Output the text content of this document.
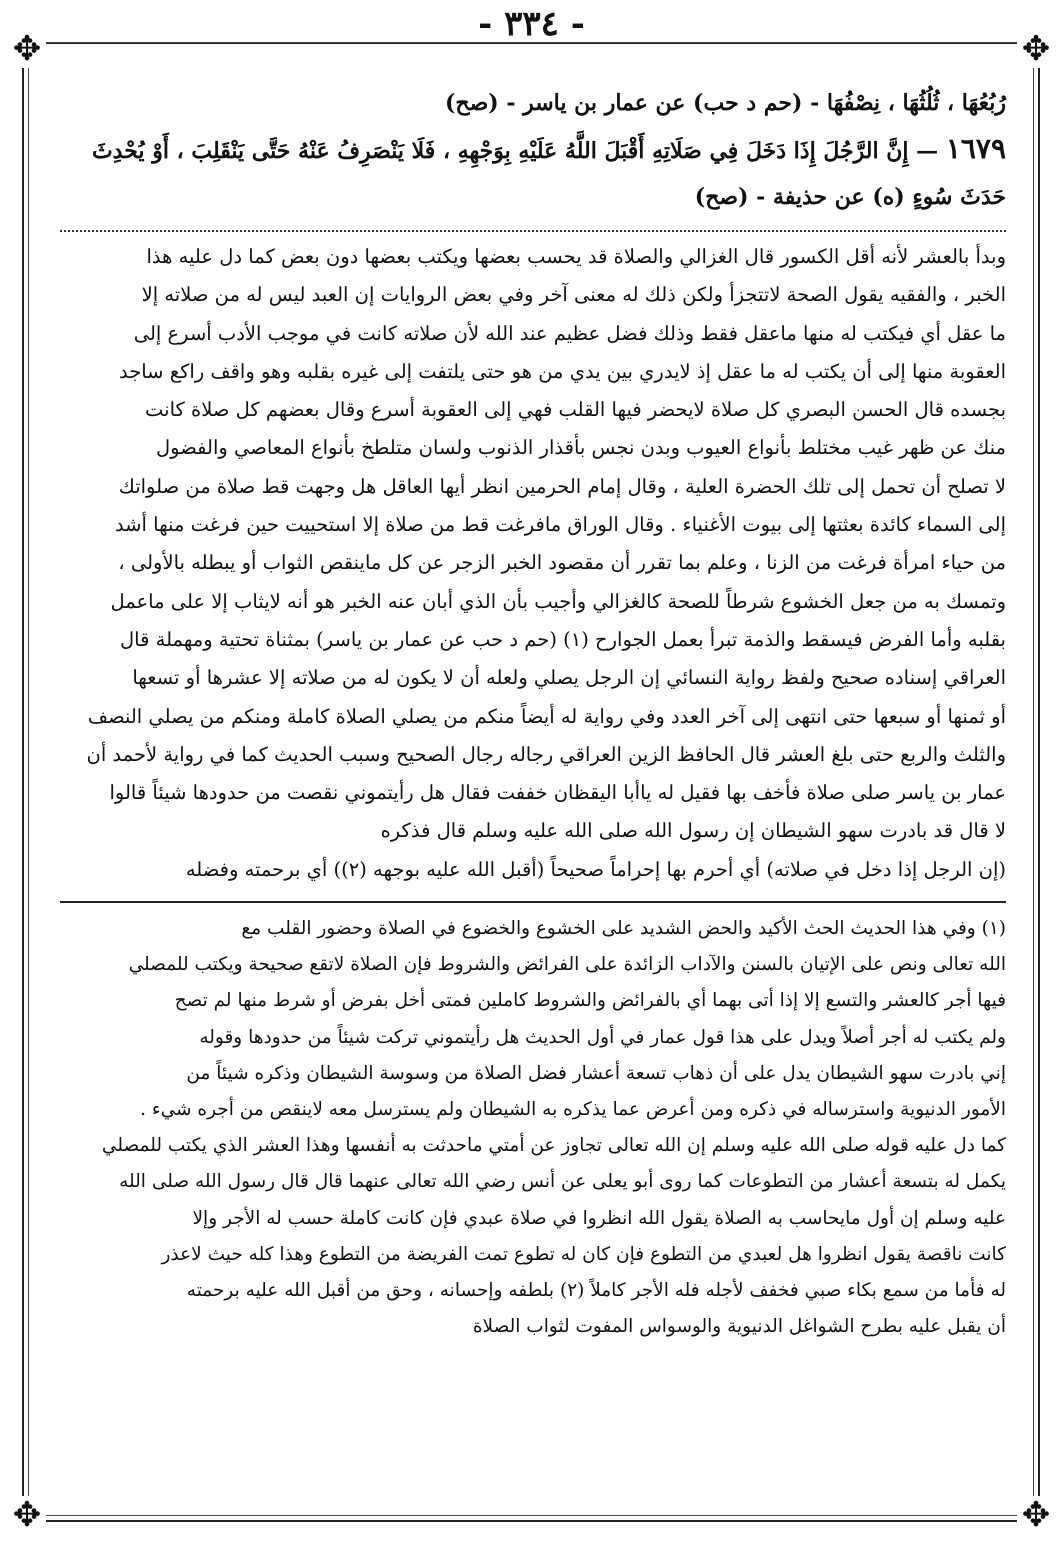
✥	✥
✥	✥
- ٣٣٤ -

رُبُعُهَا ، ثُلُثُهَا ، نِصْفُهَا - (حم د حب) عن عمار بن ياسر - (صح)

١٦٧٩ — إِنَّ الرَّجُلَ إِذَا دَخَلَ فِي صَلَاتِهِ أَقْبَلَ اللَّهُ عَلَيْهِ بِوَجْهِهِ ، فَلَا يَنْصَرِفُ عَنْهُ حَتَّى يَنْقَلِبَ ، أَوْ يُحْدِثَ

حَدَثَ سُوءٍ (ه) عن حذيفة - (صح)

وبدأ بالعشر لأنه أقل الكسور قال الغزالي والصلاة قد يحسب بعضها ويكتب بعضها دون بعض كما دل عليه هذا
الخبر ، والفقيه يقول الصحة لاتتجزأ ولكن ذلك له معنى آخر وفي بعض الروايات إن العبد ليس له من صلاته إلا
ما عقل أي فيكتب له منها ماعقل فقط وذلك فضل عظيم عند الله لأن صلاته كانت في موجب الأدب أسرع إلى
العقوبة منها إلى أن يكتب له ما عقل إذ لايدري بين يدي من هو حتى يلتفت إلى غيره بقلبه وهو واقف راكع ساجد
بجسده قال الحسن البصري كل صلاة لايحضر فيها القلب فهي إلى العقوبة أسرع وقال بعضهم كل صلاة كانت
منك عن ظهر غيب مختلط بأنواع العيوب وبدن نجس بأقذار الذنوب ولسان متلطخ بأنواع المعاصي والفضول
لا تصلح أن تحمل إلى تلك الحضرة العلية ، وقال إمام الحرمين انظر أيها العاقل هل وجهت قط صلاة من صلواتك
إلى السماء كائدة بعثتها إلى بيوت الأغنياء . وقال الوراق مافرغت قط من صلاة إلا استحييت حين فرغت منها أشد
من حياء امرأة فرغت من الزنا ، وعلم بما تقرر أن مقصود الخبر الزجر عن كل ماينقص الثواب أو يبطله بالأولى ،
وتمسك به من جعل الخشوع شرطاً للصحة كالغزالي وأجيب بأن الذي أبان عنه الخبر هو أنه لايثاب إلا على ماعمل
بقلبه وأما الفرض فيسقط والذمة تبرأ بعمل الجوارح (١) (حم د حب عن عمار بن ياسر) بمثناة تحتية ومهملة قال
العراقي إسناده صحيح ولفظ رواية النسائي إن الرجل يصلي ولعله أن لا يكون له من صلاته إلا عشرها أو تسعها
أو ثمنها أو سبعها حتى انتهى إلى آخر العدد وفي رواية له أيضاً منكم من يصلي الصلاة كاملة ومنكم من يصلي النصف
والثلث والربع حتى بلغ العشر قال الحافظ الزين العراقي رجاله رجال الصحيح وسبب الحديث كما في رواية لأحمد أن
عمار بن ياسر صلى صلاة فأخف بها فقيل له ياأبا اليقظان خففت فقال هل رأيتموني نقصت من حدودها شيئاً قالوا
لا قال قد بادرت سهو الشيطان إن رسول الله صلى الله عليه وسلم قال فذكره
(إن الرجل إذا دخل في صلاته) أي أحرم بها إحراماً صحيحاً (أقبل الله عليه بوجهه (٢)) أي برحمته وفضله
(١) وفي هذا الحديث الحث الأكيد والحض الشديد على الخشوع والخضوع في الصلاة وحضور القلب مع
الله تعالى ونص على الإتيان بالسنن والآداب الزائدة على الفرائض والشروط فإن الصلاة لاتقع صحيحة ويكتب للمصلي
فيها أجر كالعشر والتسع إلا إذا أتى بهما أي بالفرائض والشروط كاملين فمتى أخل بفرض أو شرط منها لم تصح
ولم يكتب له أجر أصلاً ويدل على هذا قول عمار في أول الحديث هل رأيتموني تركت شيئاً من حدودها وقوله
إني بادرت سهو الشيطان يدل على أن ذهاب تسعة أعشار فضل الصلاة من وسوسة الشيطان وذكره شيئاً من
الأمور الدنيوية واسترساله في ذكره ومن أعرض عما يذكره به الشيطان ولم يسترسل معه لاينقص من أجره شيء .
كما دل عليه قوله صلى الله عليه وسلم إن الله تعالى تجاوز عن أمتي ماحدثت به أنفسها وهذا العشر الذي يكتب للمصلي
يكمل له بتسعة أعشار من التطوعات كما روى أبو يعلى عن أنس رضي الله تعالى عنهما قال قال رسول الله صلى الله
عليه وسلم إن أول مايحاسب به الصلاة يقول الله انظروا في صلاة عبدي فإن كانت كاملة حسب له الأجر وإلا
كانت ناقصة يقول انظروا هل لعبدي من التطوع فإن كان له تطوع تمت الفريضة من التطوع وهذا كله حيث لاعذر
له فأما من سمع بكاء صبي فخفف لأجله فله الأجر كاملاً (٢) بلطفه وإحسانه ، وحق من أقبل الله عليه برحمته
أن يقبل عليه بطرح الشواغل الدنيوية والوسواس المفوت لثواب الصلاة
